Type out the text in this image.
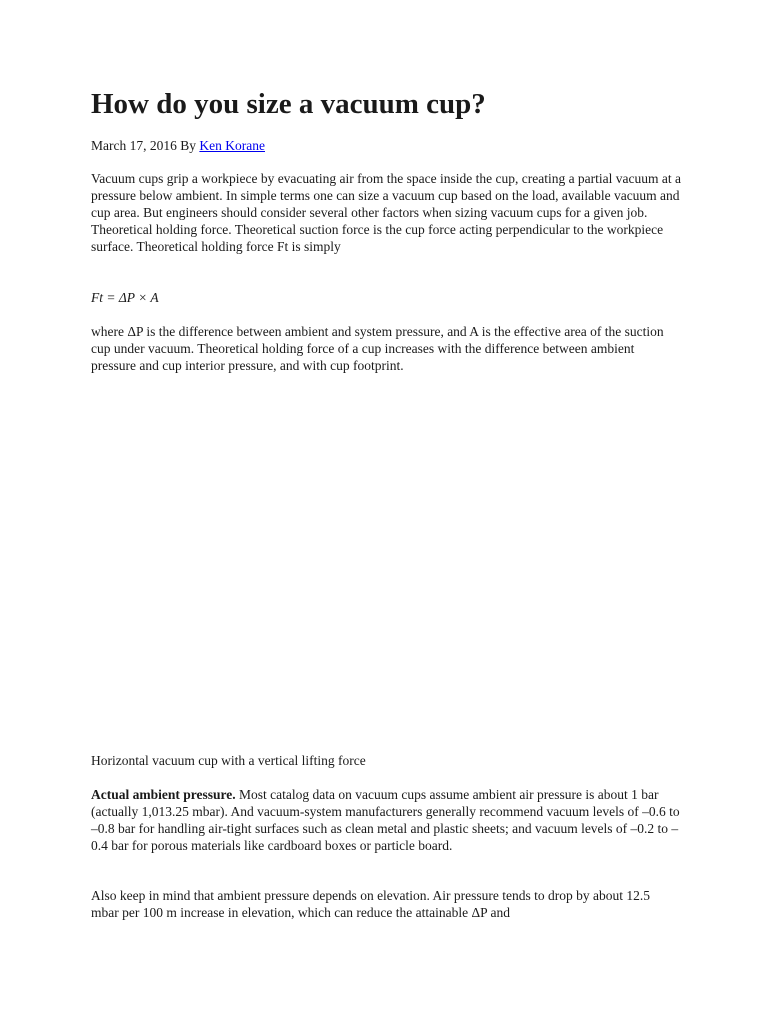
How do you size a vacuum cup?
March 17, 2016 By Ken Korane

Vacuum cups grip a workpiece by evacuating air from the space inside the cup, creating a partial vacuum at a pressure below ambient. In simple terms one can size a vacuum cup based on the load, available vacuum and cup area. But engineers should consider several other factors when sizing vacuum cups for a given job.

Theoretical holding force. Theoretical suction force is the cup force acting perpendicular to the workpiece surface. Theoretical holding force Ft is simply

Ft = ΔP × A

where ΔP is the difference between ambient and system pressure, and A is the effective area of the suction cup under vacuum. Theoretical holding force of a cup increases with the difference between ambient pressure and cup interior pressure, and with cup footprint.

Horizontal vacuum cup with a vertical lifting force

Actual ambient pressure. Most catalog data on vacuum cups assume ambient air pressure is about 1 bar (actually 1,013.25 mbar). And vacuum-system manufacturers generally recommend vacuum levels of –0.6 to –0.8 bar for handling air-tight surfaces such as clean metal and plastic sheets; and vacuum levels of –0.2 to –0.4 bar for porous materials like cardboard boxes or particle board.

Also keep in mind that ambient pressure depends on elevation. Air pressure tends to drop by about 12.5 mbar per 100 m increase in elevation, which can reduce the attainable ΔP and
